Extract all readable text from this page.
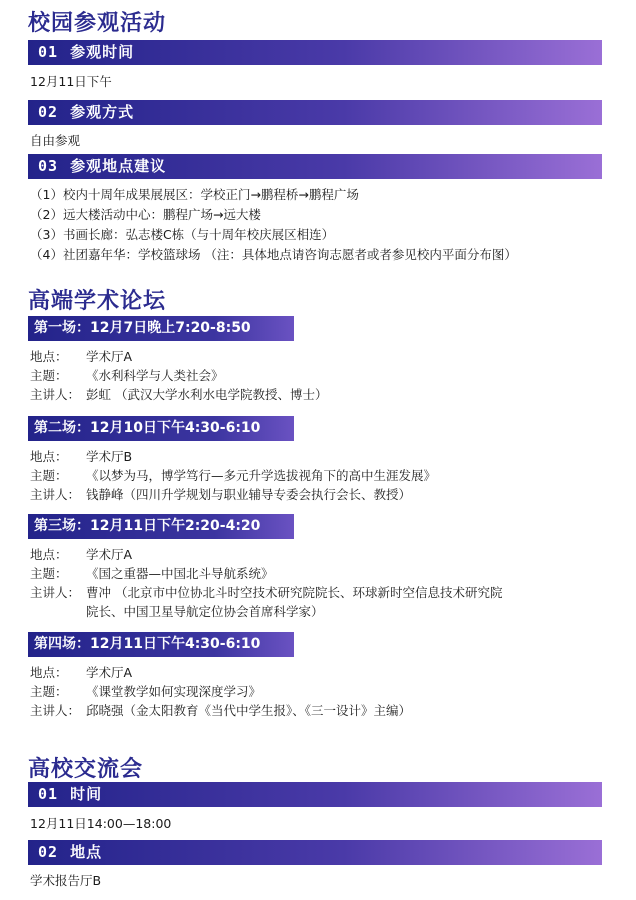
校园参观活动
01 参观时间
12月11日下午
02 参观方式
自由参观
03 参观地点建议
（1）校内十周年成果展展区：学校正门→鹏程桥→鹏程广场
（2）远大楼活动中心：鹏程广场→远大楼
（3）书画长廊：弘志楼C栋（与十周年校庆展区相连）
（4）社团嘉年华：学校篮球场 （注：具体地点请咨询志愿者或者参见校内平面分布图）
高端学术论坛
第一场：12月7日晚上7:20-8:50
地点： 学术厅A
主题： 《水利科学与人类社会》
主讲人： 彭虹 （武汉大学水利水电学院教授、博士）
第二场：12月10日下午4:30-6:10
地点： 学术厅B
主题： 《以梦为马，博学笃行—多元升学选拔视角下的高中生涯发展》
主讲人： 钱静峰（四川升学规划与职业辅导专委会执行会长、教授）
第三场：12月11日下午2:20-4:20
地点： 学术厅A
主题： 《国之重器—中国北斗导航系统》
主讲人： 曹冲 （北京市中位协北斗时空技术研究院院长、环球新时空信息技术研究院
院长、中国卫星导航定位协会首席科学家）
第四场：12月11日下午4:30-6:10
地点： 学术厅A
主题： 《课堂教学如何实现深度学习》
主讲人： 邱晓强（金太阳教育《当代中学生报》、《三一设计》主编）
高校交流会
01 时间
12月11日14:00—18:00
02 地点
学术报告厅B
